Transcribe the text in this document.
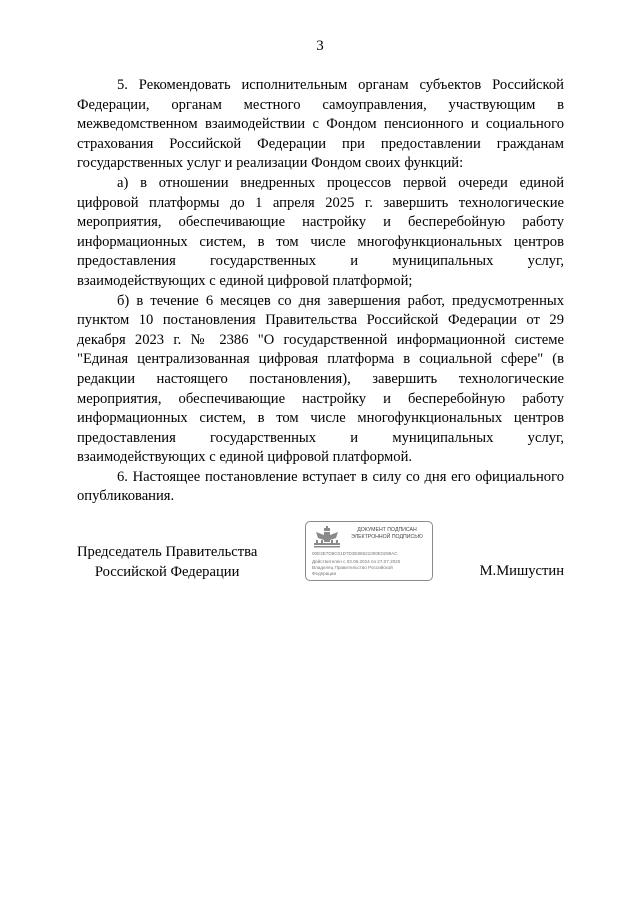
3

5. Рекомендовать исполнительным органам субъектов Российской Федерации, органам местного самоуправления, участвующим в межведомственном взаимодействии с Фондом пенсионного и социального страхования Российской Федерации при предоставлении гражданам государственных услуг и реализации Фондом своих функций:

а) в отношении внедренных процессов первой очереди единой цифровой платформы до 1 апреля 2025 г. завершить технологические мероприятия, обеспечивающие настройку и бесперебойную работу информационных систем, в том числе многофункциональных центров предоставления государственных и муниципальных услуг, взаимодействующих с единой цифровой платформой;

б) в течение 6 месяцев со дня завершения работ, предусмотренных пунктом 10 постановления Правительства Российской Федерации от 29 декабря 2023 г. № 2386 "О государственной информационной системе "Единая централизованная цифровая платформа в социальной сфере" (в редакции настоящего постановления), завершить технологические мероприятия, обеспечивающие настройку и бесперебойную работу информационных систем, в том числе многофункциональных центров предоставления государственных и муниципальных услуг, взаимодействующих с единой цифровой платформой.

6. Настоящее постановление вступает в силу со дня его официального опубликования.

Председатель Правительства
Российской Федерации
ДОКУМЕНТ ПОДПИСАН
ЭЛЕКТРОННОЙ ПОДПИСЬЮ
00E3E7D9C01D7D3E88621000E0298AC
Действителен с 03.06.2024 по 27.07.2025
Владелец Правительство Российской
Федерации	М.Мишустин
